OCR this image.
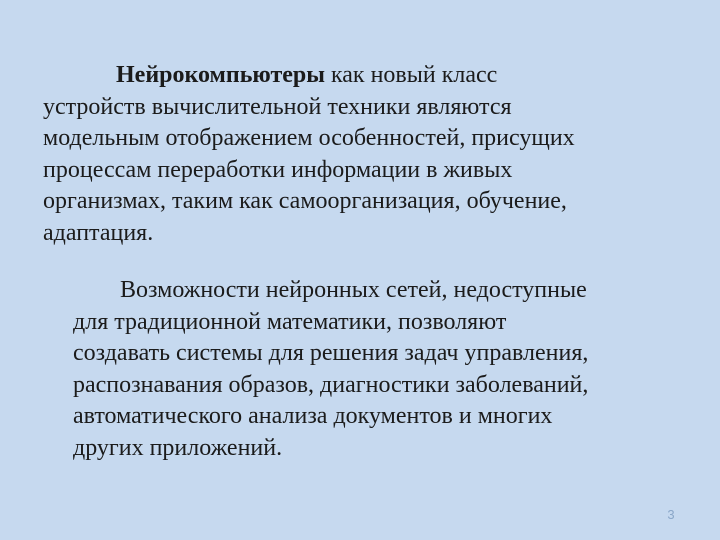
Нейрокомпьютеры как новый класс
устройств вычислительной техники являются
модельным отображением особенностей, присущих
процессам переработки информации в живых
организмах, таким как самоорганизация, обучение,
адаптация.
Возможности нейронных сетей, недоступные
для традиционной математики, позволяют
создавать системы для решения задач управления,
распознавания образов, диагностики заболеваний,
автоматического анализа документов и многих
других приложений.
3
